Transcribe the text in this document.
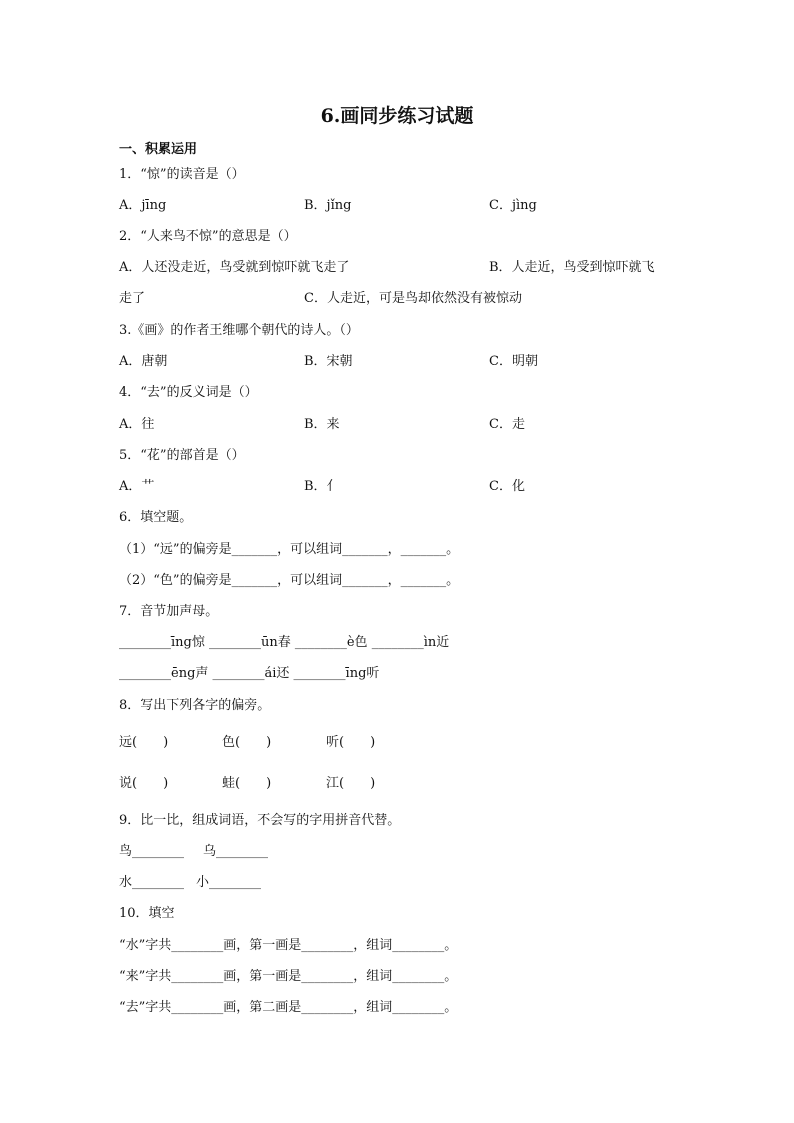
6.画同步练习试题
一、积累运用
1．“惊”的读音是（）
A．jīng	B．jǐng	C．jìng
2．“人来鸟不惊”的意思是（）
A．人还没走近，鸟受就到惊吓就飞走了	B．人走近，鸟受到惊吓就飞
走了	C．人走近，可是鸟却依然没有被惊动
3.《画》的作者王维哪个朝代的诗人。（）
A．唐朝	B．宋朝	C．明朝
4．“去”的反义词是（）
A．往	B．来	C．走
5．“花”的部首是（）
A．艹	B．亻	C．化
6．填空题。
（1）“远”的偏旁是_______，可以组词_______，_______。
（2）“色”的偏旁是_______，可以组词_______，_______。
7．音节加声母。
________īng惊 ________ūn春 ________è色 ________ìn近
________ēng声 ________ái还 ________īng听
8．写出下列各字的偏旁。
远(　　)	色(　　)	听(　　)
说(　　)	蛙(　　)	江(　　)
9．比一比，组成词语，不会写的字用拼音代替。
鸟________ 乌________
水________ 小________
10．填空
“水”字共________画，第一画是________，组词________。
“来”字共________画，第一画是________，组词________。
“去”字共________画，第二画是________，组词________。
